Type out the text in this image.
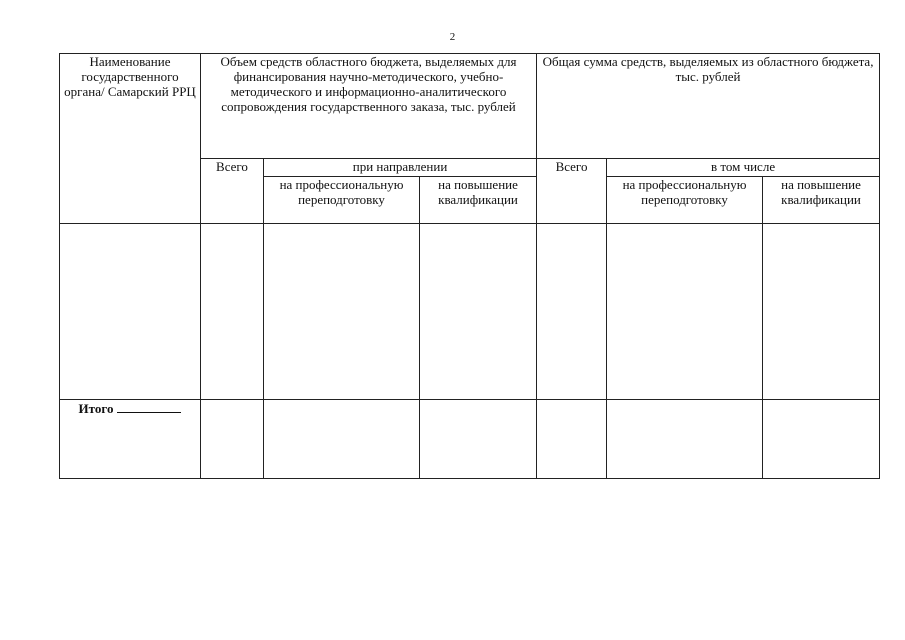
2
Наименование государственного органа/ Самарский РРЦ	Объем средств областного бюджета, выделяемых для финансирования научно-методического, учебно-методического и информационно-аналитического сопровождения государственного заказа, тыс. рублей			Общая сумма средств, выделяемых из областного бюджета, тыс. рублей		
	Всего	при направлении		Всего	в том числе	
		на профессиональную переподготовку	на повышение квалификации		на профессиональную переподготовку	на повышение квалификации

Итого						
